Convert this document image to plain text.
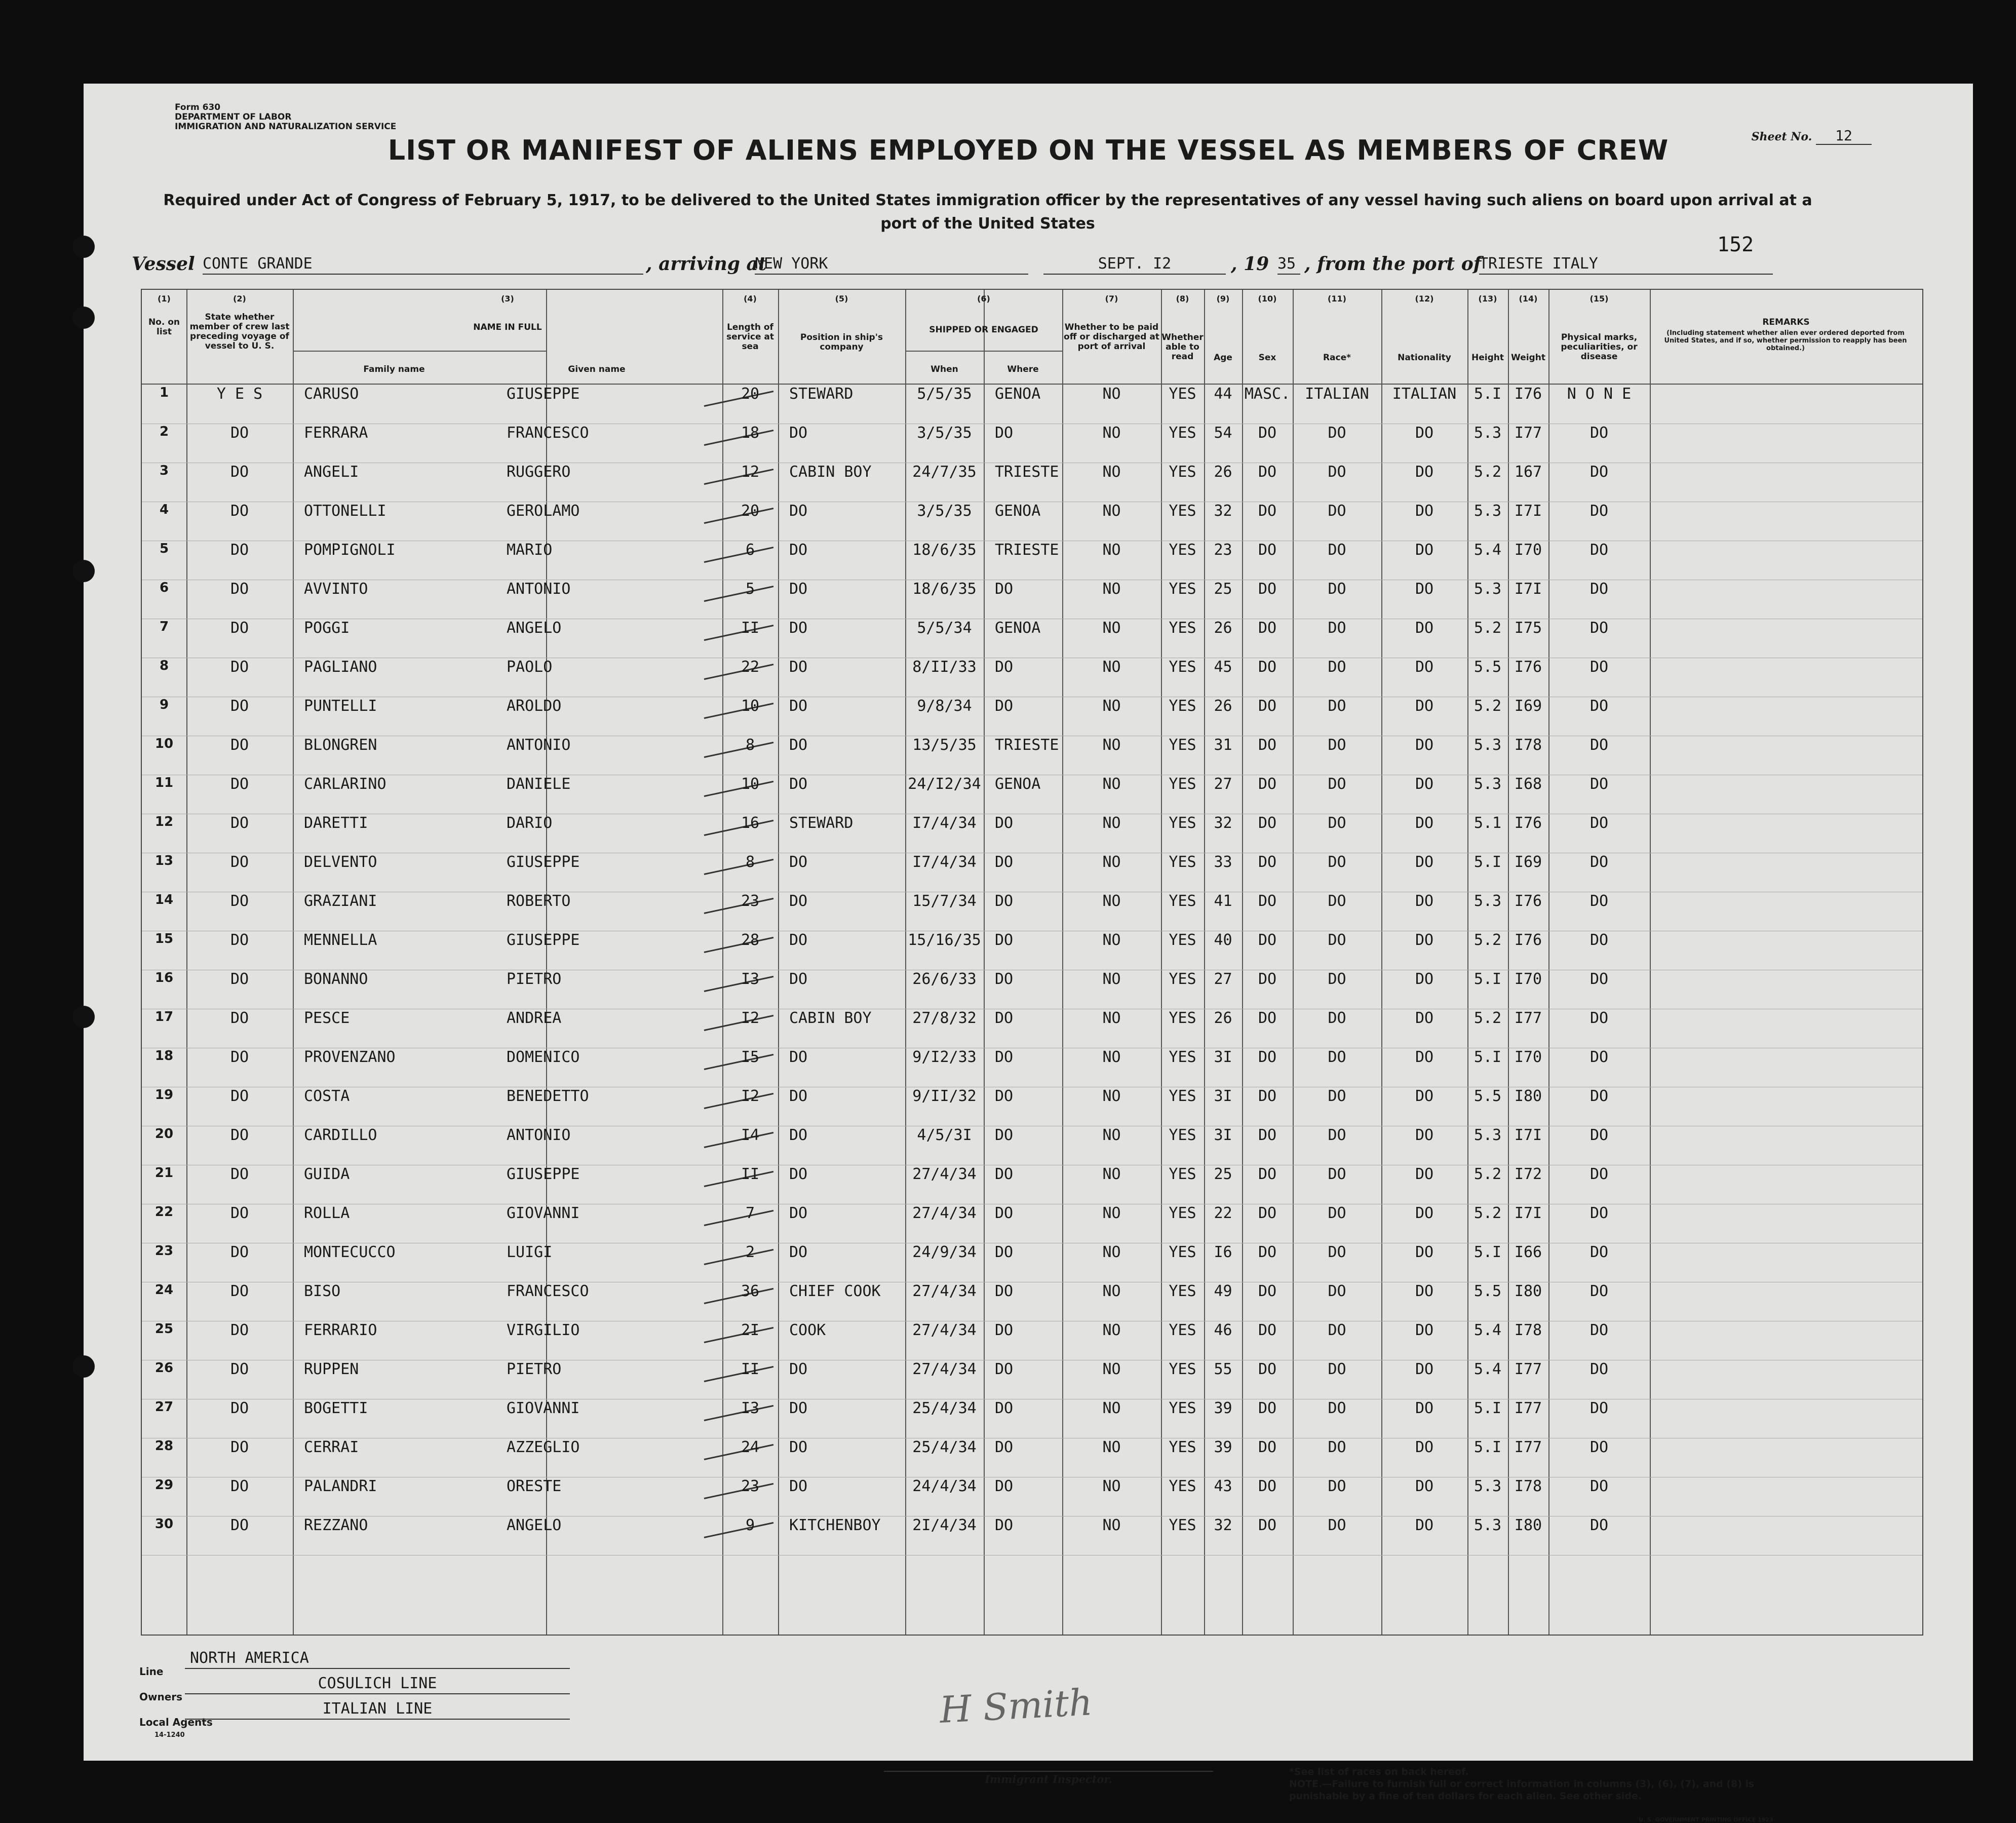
Form 630
DEPARTMENT OF LABOR
IMMIGRATION AND NATURALIZATION SERVICE
Sheet No. 12
LIST OR MANIFEST OF ALIENS EMPLOYED ON THE VESSEL AS MEMBERS OF CREW
Required under Act of Congress of February 5, 1917, to be delivered to the United States immigration officer by the representatives of any vessel having such aliens on board upon arrival at a port of the United States
152
Vessel CONTE GRANDE	, arriving at
NEW YORK	SEPT. I2	, 19 35 , from the port of
TRIESTE ITALY
(1)	(2)	(3)	(4)	(5)	(6)	(7)	(8)	(9)	(10)	(11)	(12)	(13)	(14)	(15)
No. on list
State whether member of crew last preceding voyage of vessel to U. S.
NAME IN FULL
Family name	Given name
Length of service at sea
Position in ship's company
SHIPPED OR ENGAGED
When	Where
Whether to be paid off or discharged at port of arrival
Whether able to read	Age	Sex	Race*	Nationality	Height Weight
Physical marks, peculiarities, or disease
REMARKS
(Including statement whether alien ever ordered deported from United States, and if so, whether permission to reapply has been obtained.)
1	Y E S	CARUSO	GIUSEPPE	20	STEWARD	5/5/35	GENOA	NO	YES	44 MASC. ITALIAN	ITALIAN	5.I I76	N O N E
2	DO	FERRARA	FRANCESCO	18	DO	3/5/35	DO	NO	YES	54	DO	DO	DO	5.3 I77	DO
3	DO	ANGELI	RUGGERO	12	CABIN BOY	24/7/35	TRIESTE	NO	YES	26	DO	DO	DO	5.2 167	DO
4	DO	OTTONELLI	GEROLAMO	20	DO	3/5/35	GENOA	NO	YES	32	DO	DO	DO	5.3 I7I	DO
5	DO	POMPIGNOLI	MARIO	6	DO	18/6/35	TRIESTE	NO	YES	23	DO	DO	DO	5.4 I70	DO
6	DO	AVVINTO	ANTONIO	5	DO	18/6/35	DO	NO	YES	25	DO	DO	DO	5.3 I7I	DO
7	DO	POGGI	ANGELO	II	DO	5/5/34	GENOA	NO	YES	26	DO	DO	DO	5.2 I75	DO
8	DO	PAGLIANO	PAOLO	22	DO	8/II/33	DO	NO	YES	45	DO	DO	DO	5.5 I76	DO
9	DO	PUNTELLI	AROLDO	10	DO	9/8/34	DO	NO	YES	26	DO	DO	DO	5.2 I69	DO
10	DO	BLONGREN	ANTONIO	8	DO	13/5/35	TRIESTE	NO	YES	31	DO	DO	DO	5.3 I78	DO
11	DO	CARLARINO	DANIELE	10	DO	24/I2/34 GENOA	NO	YES	27	DO	DO	DO	5.3 I68	DO
12	DO	DARETTI	DARIO	16	STEWARD	I7/4/34	DO	NO	YES	32	DO	DO	DO	5.1 I76	DO
13	DO	DELVENTO	GIUSEPPE	8	DO	I7/4/34	DO	NO	YES	33	DO	DO	DO	5.I I69	DO
14	DO	GRAZIANI	ROBERTO	23	DO	15/7/34	DO	NO	YES	41	DO	DO	DO	5.3 I76	DO
15	DO	MENNELLA	GIUSEPPE	28	DO	15/16/35 DO	NO	YES	40	DO	DO	DO	5.2 I76	DO
16	DO	BONANNO	PIETRO	I3	DO	26/6/33	DO	NO	YES	27	DO	DO	DO	5.I I70	DO
17	DO	PESCE	ANDREA	I2	CABIN BOY	27/8/32	DO	NO	YES	26	DO	DO	DO	5.2 I77	DO
18	DO	PROVENZANO	DOMENICO	I5	DO	9/I2/33	DO	NO	YES	3I	DO	DO	DO	5.I I70	DO
19	DO	COSTA	BENEDETTO	I2	DO	9/II/32	DO	NO	YES	3I	DO	DO	DO	5.5 I80	DO
20	DO	CARDILLO	ANTONIO	I4	DO	4/5/3I	DO	NO	YES	3I	DO	DO	DO	5.3 I7I	DO
21	DO	GUIDA	GIUSEPPE	II	DO	27/4/34	DO	NO	YES	25	DO	DO	DO	5.2 I72	DO
22	DO	ROLLA	GIOVANNI	7	DO	27/4/34	DO	NO	YES	22	DO	DO	DO	5.2 I7I	DO
23	DO	MONTECUCCO	LUIGI	2	DO	24/9/34	DO	NO	YES	I6	DO	DO	DO	5.I I66	DO
24	DO	BISO	FRANCESCO	36	CHIEF COOK	27/4/34	DO	NO	YES	49	DO	DO	DO	5.5 I80	DO
25	DO	FERRARIO	VIRGILIO	2I	COOK	27/4/34	DO	NO	YES	46	DO	DO	DO	5.4 I78	DO
26	DO	RUPPEN	PIETRO	II	DO	27/4/34	DO	NO	YES	55	DO	DO	DO	5.4 I77	DO
27	DO	BOGETTI	GIOVANNI	I3	DO	25/4/34	DO	NO	YES	39	DO	DO	DO	5.I I77	DO
28	DO	CERRAI	AZZEGLIO	24	DO	25/4/34	DO	NO	YES	39	DO	DO	DO	5.I I77	DO
29	DO	PALANDRI	ORESTE	23	DO	24/4/34	DO	NO	YES	43	DO	DO	DO	5.3 I78	DO
30	DO	REZZANO	ANGELO	9	KITCHENBOY	2I/4/34	DO	NO	YES	32	DO	DO	DO	5.3 I80	DO
H Smith
Line
NORTH AMERICA
Owners
COSULICH LINE
Local Agents
ITALIAN LINE
14-1240
Immigrant Inspector.
*See list of races on back hereof.
NOTE.—Failure to furnish full or correct information in columns (3), (6), (7), and (8) is punishable by a fine of ten dollars for each alien. See other side.
U. S. GOVERNMENT PRINTING OFFICE 1923
